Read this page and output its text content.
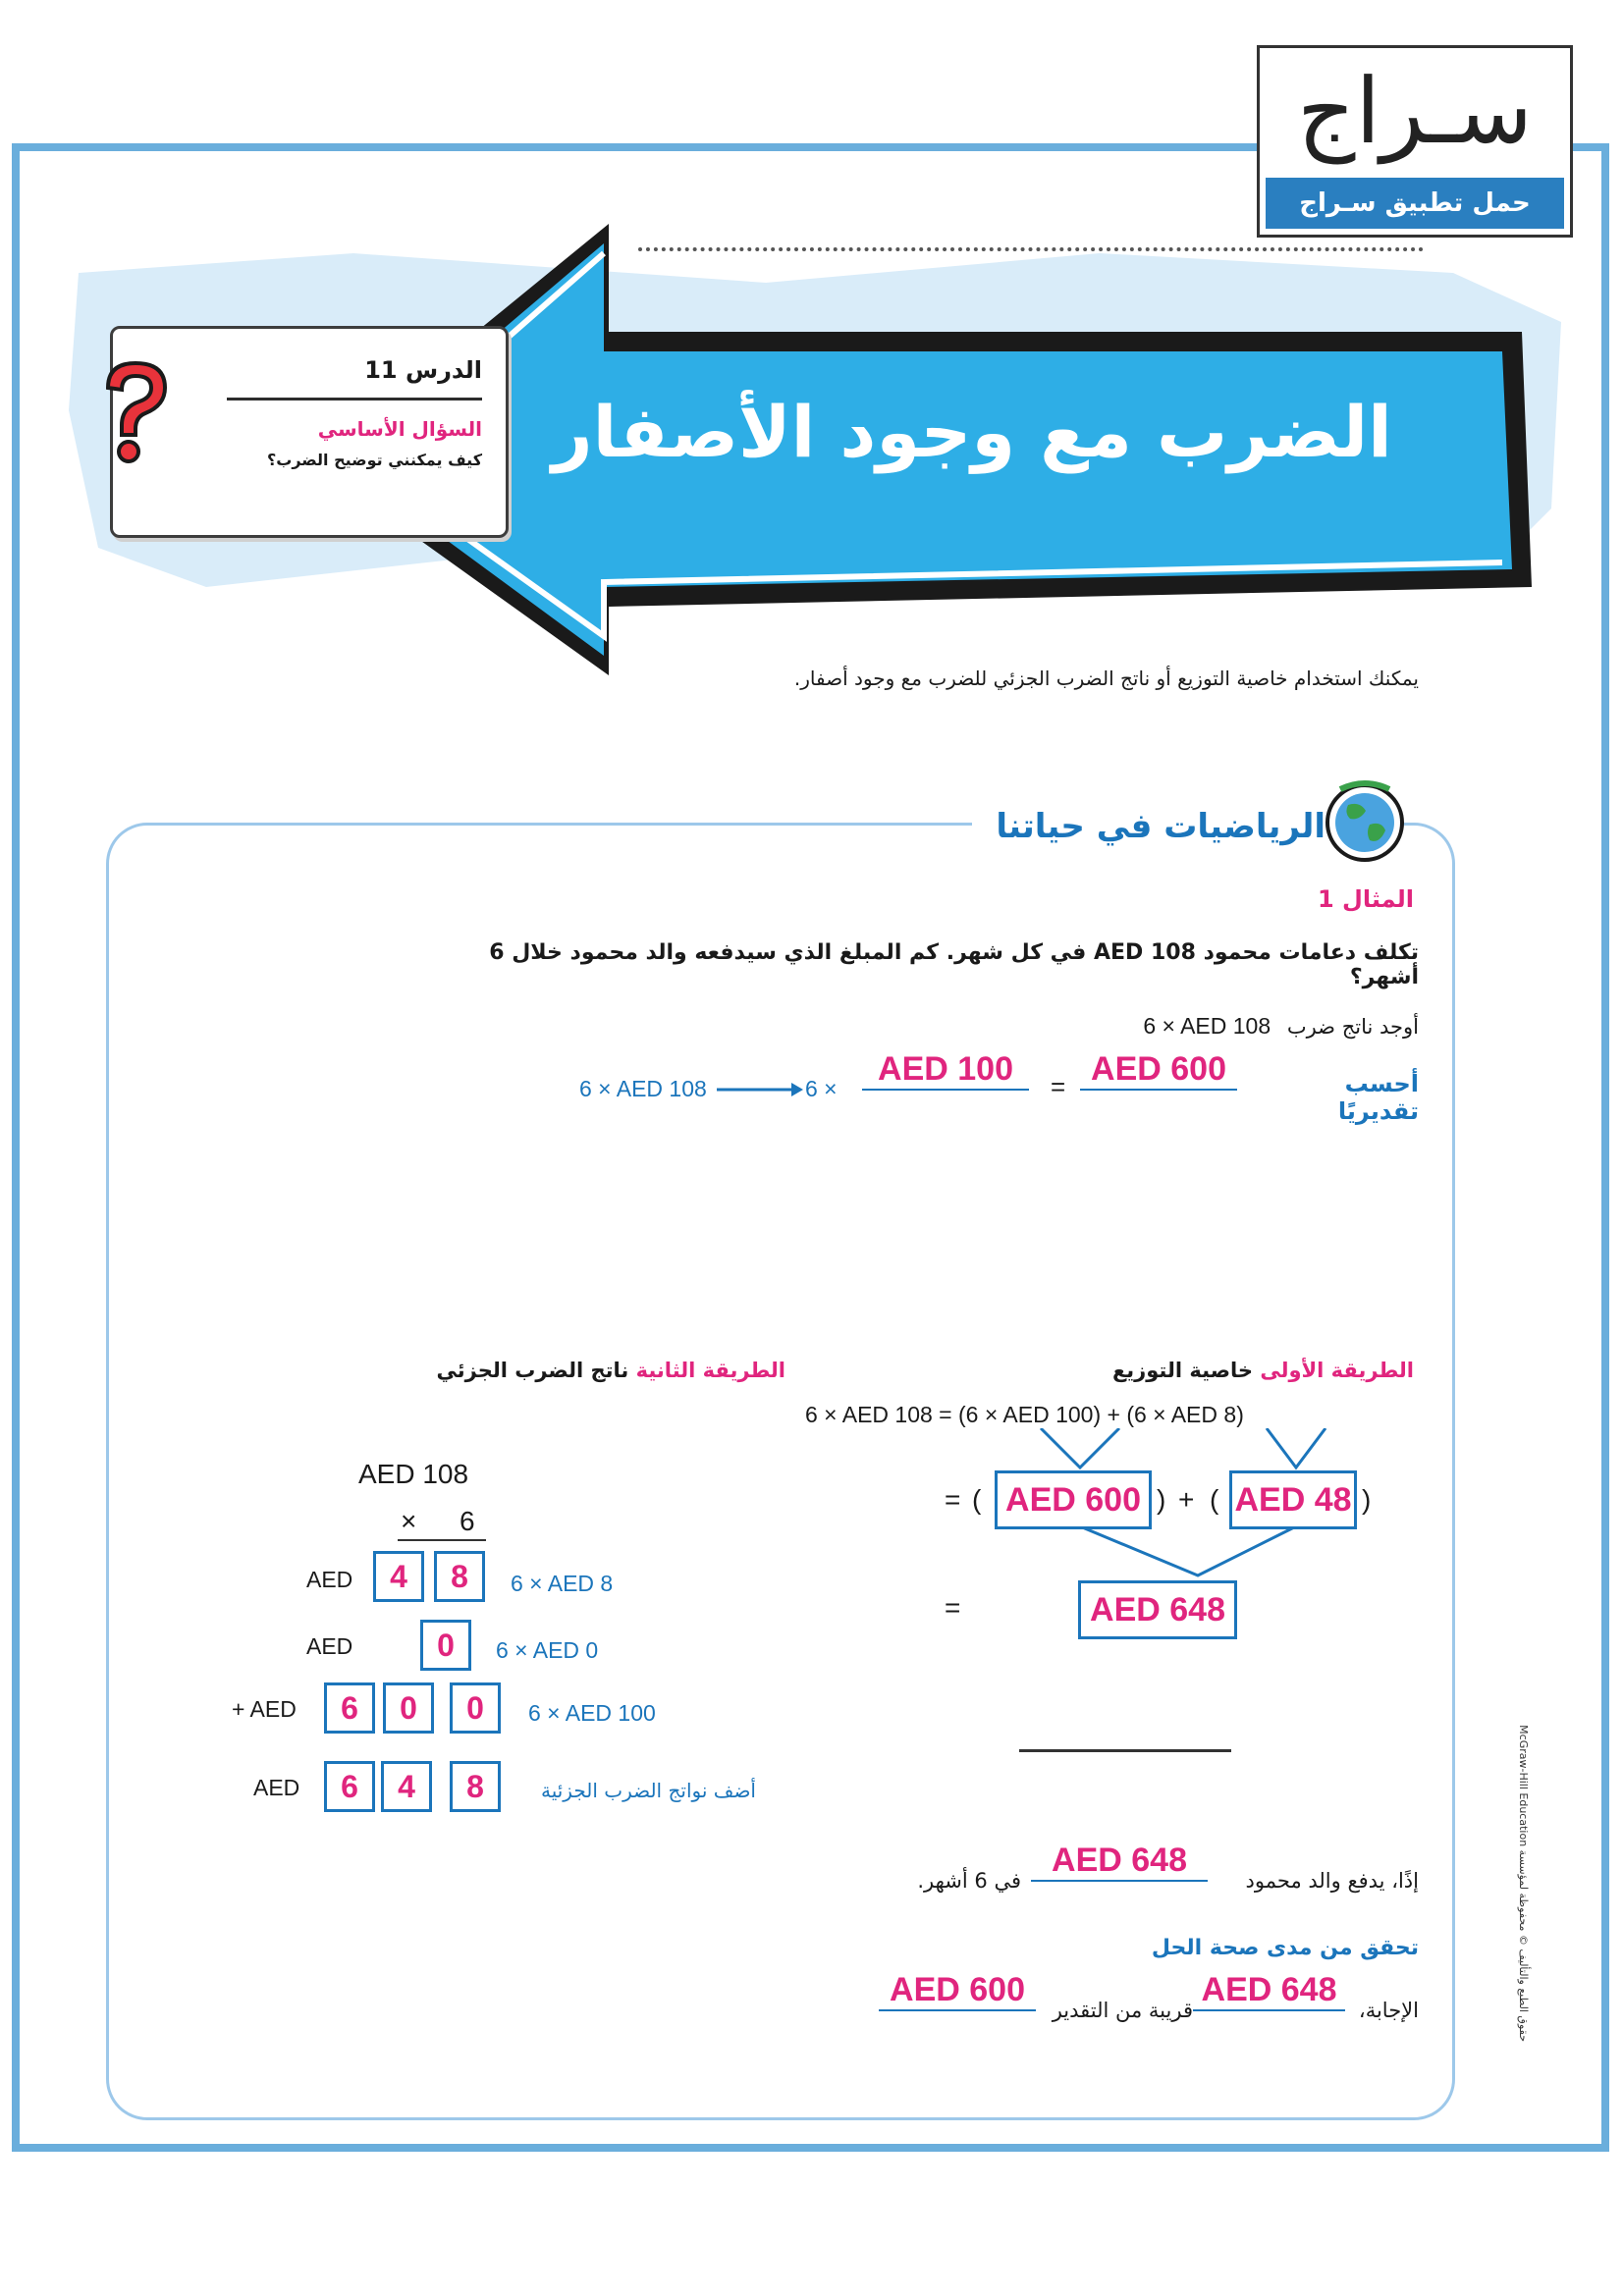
سـراج
حمل تطبيق سـراج
الضرب مع وجود الأصفار
الدرس 11
السؤال الأساسي
كيف يمكنني توضيح الضرب؟
يمكنك استخدام خاصية التوزيع أو ناتج الضرب الجزئي للضرب مع وجود أصفار.
الرياضيات في حياتنا
المثال 1
تكلف دعامات محمود AED 108 في كل شهر. كم المبلغ الذي سيدفعه والد محمود خلال 6 أشهر؟
أوجد ناتج ضرب 6 × AED 108
أحسب تقديريًا
AED 600
=
AED 100
6 ×
6 × AED 108
الطريقة الأولى خاصية التوزيع
6 × AED 108 = (6 × AED 100) + (6 × AED 8)
= ( AED 600 ) + ( AED 48 )
=	AED 648
الطريقة الثانية ناتج الضرب الجزئي
AED 108
× 6
AED	4	8	6 × AED 8
AED	0	6 × AED 0
+ AED	6	0	0	6 × AED 100
AED	6	4	8	أضف نواتج الضرب الجزئية
إذًا، يدفع والد محمود
AED 648
في 6 أشهر.
تحقق من مدى صحة الحل
الإجابة،
AED 648
قريبة من التقدير
AED 600
حقوق الطبع والتأليف © محفوظة لمؤسسة McGraw-Hill Education
